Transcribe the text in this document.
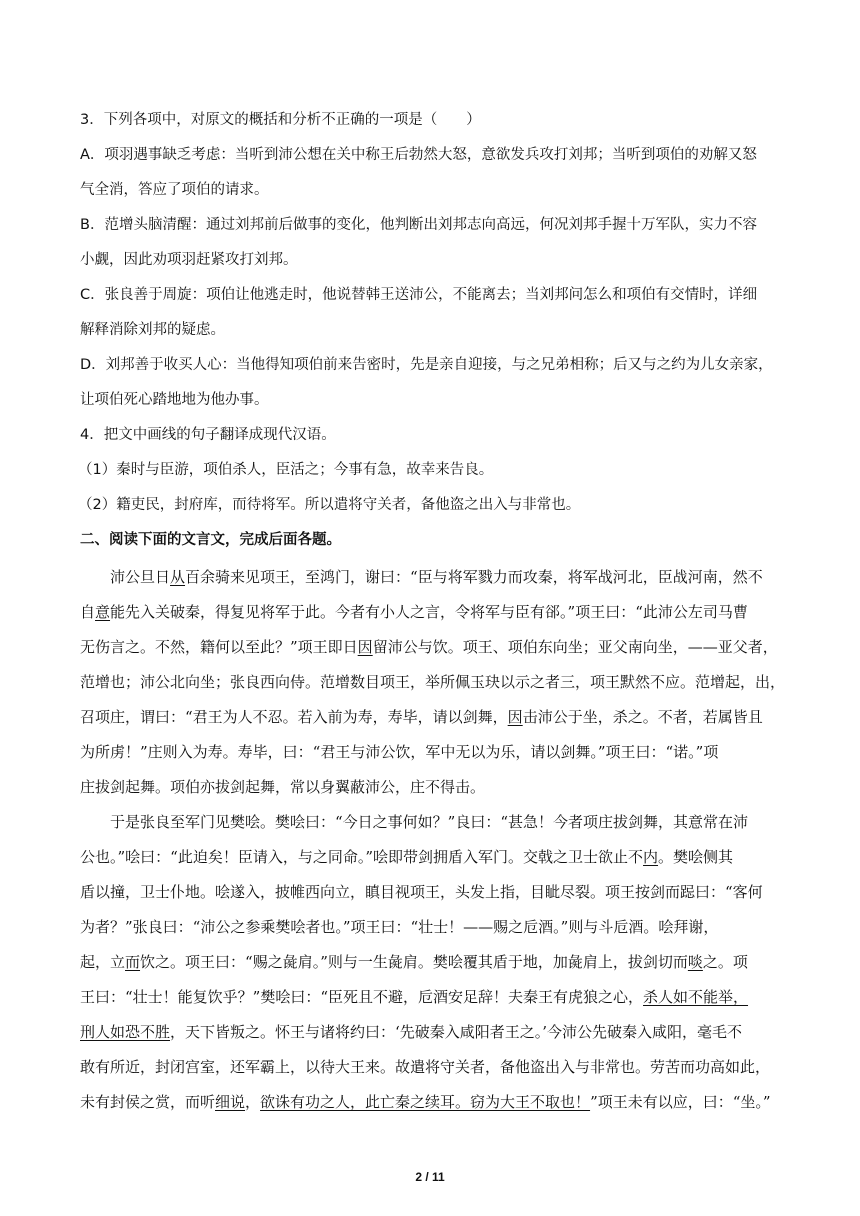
3．下列各项中，对原文的概括和分析不正确的一项是（　　）
A．项羽遇事缺乏考虑：当听到沛公想在关中称王后勃然大怒，意欲发兵攻打刘邦；当听到项伯的劝解又怒
气全消，答应了项伯的请求。
B．范增头脑清醒：通过刘邦前后做事的变化，他判断出刘邦志向高远，何况刘邦手握十万军队，实力不容
小觑，因此劝项羽赶紧攻打刘邦。
C．张良善于周旋：项伯让他逃走时，他说替韩王送沛公，不能离去；当刘邦问怎么和项伯有交情时，详细
解释消除刘邦的疑虑。
D．刘邦善于收买人心：当他得知项伯前来告密时，先是亲自迎接，与之兄弟相称；后又与之约为儿女亲家，
让项伯死心踏地地为他办事。
4．把文中画线的句子翻译成现代汉语。
（1）秦时与臣游，项伯杀人，臣活之；今事有急，故幸来告良。
（2）籍吏民，封府库，而待将军。所以遣将守关者，备他盗之出入与非常也。
二、阅读下面的文言文，完成后面各题。
沛公旦日从百余骑来见项王，至鸿门，谢曰：“臣与将军戮力而攻秦，将军战河北，臣战河南，然不
自意能先入关破秦，得复见将军于此。今者有小人之言，令将军与臣有郤。”项王曰：“此沛公左司马曹
无伤言之。不然，籍何以至此？”项王即日因留沛公与饮。项王、项伯东向坐；亚父南向坐，——亚父者，
范增也；沛公北向坐；张良西向侍。范增数目项王，举所佩玉玦以示之者三，项王默然不应。范增起，出，
召项庄，谓曰：“君王为人不忍。若入前为寿，寿毕，请以剑舞，因击沛公于坐，杀之。不者，若属皆且
为所虏！”庄则入为寿。寿毕，曰：“君王与沛公饮，军中无以为乐，请以剑舞。”项王曰：“诺。”项
庄拔剑起舞。项伯亦拔剑起舞，常以身翼蔽沛公，庄不得击。
于是张良至军门见樊哙。樊哙曰：“今日之事何如？”良曰：“甚急！今者项庄拔剑舞，其意常在沛
公也。”哙曰：“此迫矣！臣请入，与之同命。”哙即带剑拥盾入军门。交戟之卫士欲止不内。樊哙侧其
盾以撞，卫士仆地。哙遂入，披帷西向立，瞋目视项王，头发上指，目眦尽裂。项王按剑而跽曰：“客何
为者？”张良曰：“沛公之参乘樊哙者也。”项王曰：“壮士！——赐之卮酒。”则与斗卮酒。哙拜谢，
起，立而饮之。项王曰：“赐之彘肩。”则与一生彘肩。樊哙覆其盾于地，加彘肩上，拔剑切而啖之。项
王曰：“壮士！能复饮乎？”樊哙曰：“臣死且不避，卮酒安足辞！夫秦王有虎狼之心，杀人如不能举，
刑人如恐不胜，天下皆叛之。怀王与诸将约曰：‘先破秦入咸阳者王之。’今沛公先破秦入咸阳，毫毛不
敢有所近，封闭宫室，还军霸上，以待大王来。故遣将守关者，备他盗出入与非常也。劳苦而功高如此，
未有封侯之赏，而听细说，欲诛有功之人，此亡秦之续耳。窃为大王不取也！”项王未有以应，曰：“坐。”
2 / 11
